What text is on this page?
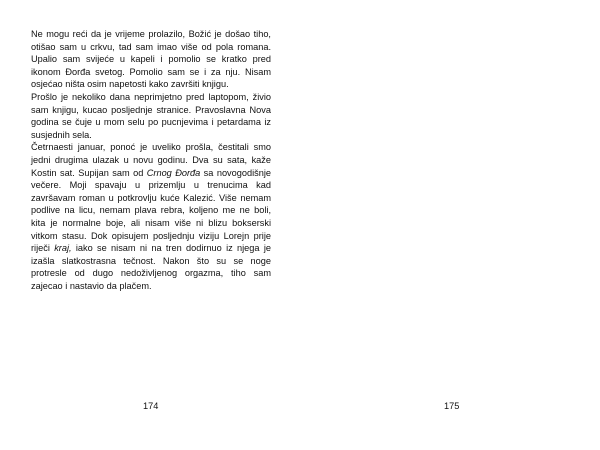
Ne mogu reći da je vrijeme prolazilo, Božić je došao tiho, otišao sam u crkvu, tad sam imao više od pola romana. Upalio sam svijeće u kapeli i pomolio se kratko pred ikonom Đorđa svetog. Pomolio sam se i za nju. Nisam osjećao ništa osim napetosti kako završiti knjigu.

Prošlo je nekoliko dana neprimjetno pred laptopom, živio sam knjigu, kucao posljednje stranice. Pravoslavna Nova godina se čuje u mom selu po pucnjevima i petardama iz susjednih sela.

Četrnaesti januar, ponoć je uveliko prošla, čestitali smo jedni drugima ulazak u novu godinu. Dva su sata, kaže Kostin sat. Supijan sam od Crnog Đorđa sa novogodišnje večere. Moji spavaju u prizemlju u trenucima kad završavam roman u potkrovlju kuće Kalezić. Više nemam podlive na licu, nemam plava rebra, koljeno me ne boli, kita je normalne boje, ali nisam više ni blizu bokserski vitkom stasu. Dok opisujem posljednju viziju Lorejn prije riječi kraj, iako se nisam ni na tren dodirnuo iz njega je izašla slatkostrasna tečnost. Nakon što su se noge protresle od dugo nedoživljenog orgazma, tiho sam zajecao i nastavio da plačem.

174	175
